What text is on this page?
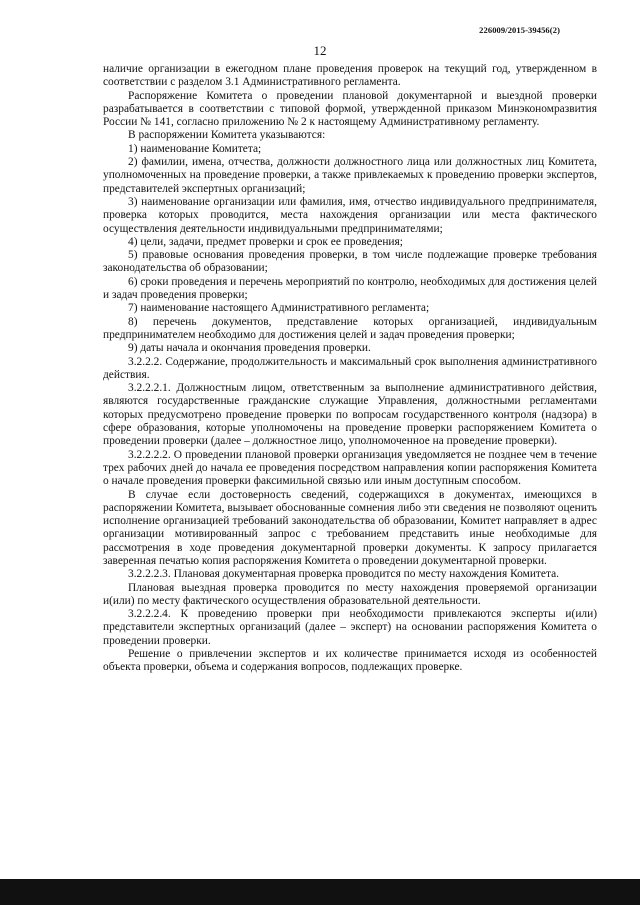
226009/2015-39456(2)
12

наличие организации в ежегодном плане проведения проверок на текущий год, утвержденном в соответствии с разделом 3.1 Административного регламента.

Распоряжение Комитета о проведении плановой документарной и выездной проверки разрабатывается в соответствии с типовой формой, утвержденной приказом Минэкономразвития России № 141, согласно приложению № 2 к настоящему Административному регламенту.

В распоряжении Комитета указываются:

1) наименование Комитета;

2) фамилии, имена, отчества, должности должностного лица или должностных лиц Комитета, уполномоченных на проведение проверки, а также привлекаемых к проведению проверки экспертов, представителей экспертных организаций;

3) наименование организации или фамилия, имя, отчество индивидуального предпринимателя, проверка которых проводится, места нахождения организации или места фактического осуществления деятельности индивидуальными предпринимателями;

4) цели, задачи, предмет проверки и срок ее проведения;

5) правовые основания проведения проверки, в том числе подлежащие проверке требования законодательства об образовании;

6) сроки проведения и перечень мероприятий по контролю, необходимых для достижения целей и задач проведения проверки;

7) наименование настоящего Административного регламента;

8) перечень документов, представление которых организацией, индивидуальным предпринимателем необходимо для достижения целей и задач проведения проверки;

9) даты начала и окончания проведения проверки.

3.2.2.2. Содержание, продолжительность и максимальный срок выполнения административного действия.

3.2.2.2.1. Должностным лицом, ответственным за выполнение административного действия, являются государственные гражданские служащие Управления, должностными регламентами которых предусмотрено проведение проверки по вопросам государственного контроля (надзора) в сфере образования, которые уполномочены на проведение проверки распоряжением Комитета о проведении проверки (далее – должностное лицо, уполномоченное на проведение проверки).

3.2.2.2.2. О проведении плановой проверки организация уведомляется не позднее чем в течение трех рабочих дней до начала ее проведения посредством направления копии распоряжения Комитета о начале проведения проверки факсимильной связью или иным доступным способом.

В случае если достоверность сведений, содержащихся в документах, имеющихся в распоряжении Комитета, вызывает обоснованные сомнения либо эти сведения не позволяют оценить исполнение организацией требований законодательства об образовании, Комитет направляет в адрес организации мотивированный запрос с требованием представить иные необходимые для рассмотрения в ходе проведения документарной проверки документы. К запросу прилагается заверенная печатью копия распоряжения Комитета о проведении документарной проверки.

3.2.2.2.3. Плановая документарная проверка проводится по месту нахождения Комитета.

Плановая выездная проверка проводится по месту нахождения проверяемой организации и(или) по месту фактического осуществления образовательной деятельности.

3.2.2.2.4. К проведению проверки при необходимости привлекаются эксперты и(или) представители экспертных организаций (далее – эксперт) на основании распоряжения Комитета о проведении проверки.

Решение о привлечении экспертов и их количестве принимается исходя из особенностей объекта проверки, объема и содержания вопросов, подлежащих проверке.
